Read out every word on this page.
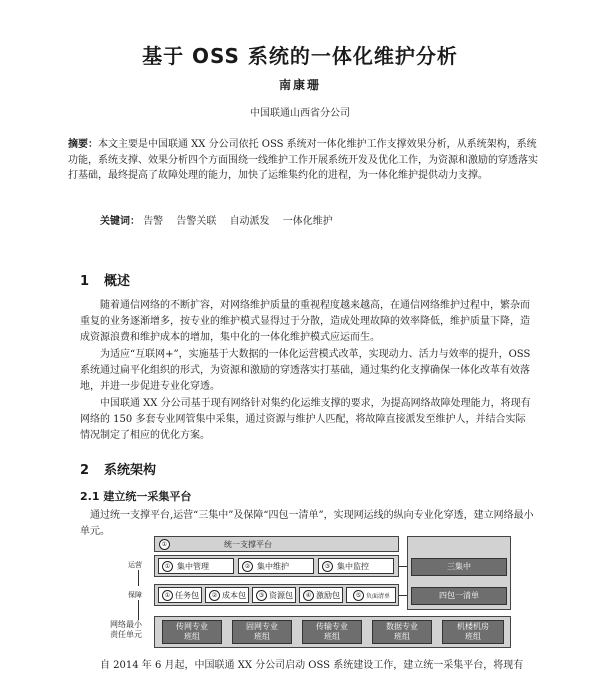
基于 OSS 系统的一体化维护分析
南康珊
中国联通山西省分公司
摘要：本文主要是中国联通 XX 分公司依托 OSS 系统对一体化维护工作支撑效果分析，从系统架构，系统功能，系统支撑、效果分析四个方面围绕一线维护工作开展系统开发及优化工作，为资源和激励的穿透落实打基础，最终提高了故障处理的能力，加快了运维集约化的进程，为一体化维护提供动力支撑。
关键词： 告警 告警关联 自动派发 一体化维护
1 概述
随着通信网络的不断扩容，对网络维护质量的重视程度越来越高，在通信网络维护过程中，繁杂而重复的业务逐渐增多，按专业的维护模式显得过于分散，造成处理故障的效率降低，维护质量下降，造成资源浪费和维护成本的增加，集中化的一体化维护模式应运而生。
为适应“互联网+”，实施基于大数据的一体化运营模式改革，实现动力、活力与效率的提升，OSS 系统通过扁平化组织的形式，为资源和激励的穿透落实打基础，通过集约化支撑确保一体化改革有效落地，并进一步促进专业化穿透。
中国联通 XX 分公司基于现有网络针对集约化运维支撑的要求，为提高网络故障处理能力，将现有网络的 150 多套专业网管集中采集，通过资源与维护人匹配，将故障直接派发至维护人，并结合实际情况制定了相应的优化方案。
2 系统架构
2.1 建立统一采集平台
通过统一支撑平台,运营“三集中”及保障“四包一清单”，实现网运线的纵向专业化穿透，建立网络最小单元。
①	统一支撑平台
运营
保障
① 集中管理	② 集中维护	③ 集中监控
① 任务包	② 成本包	③ 资源包	④ 激励包	⑤ 负面清单
三集中
四包一清单
网络最小
责任单元
传网专业
班组
固网专业
班组
传输专业
班组
数据专业
班组
机楼机房
班组
自 2014 年 6 月起，中国联通 XX 分公司启动 OSS 系统建设工作，建立统一采集平台，将现有
